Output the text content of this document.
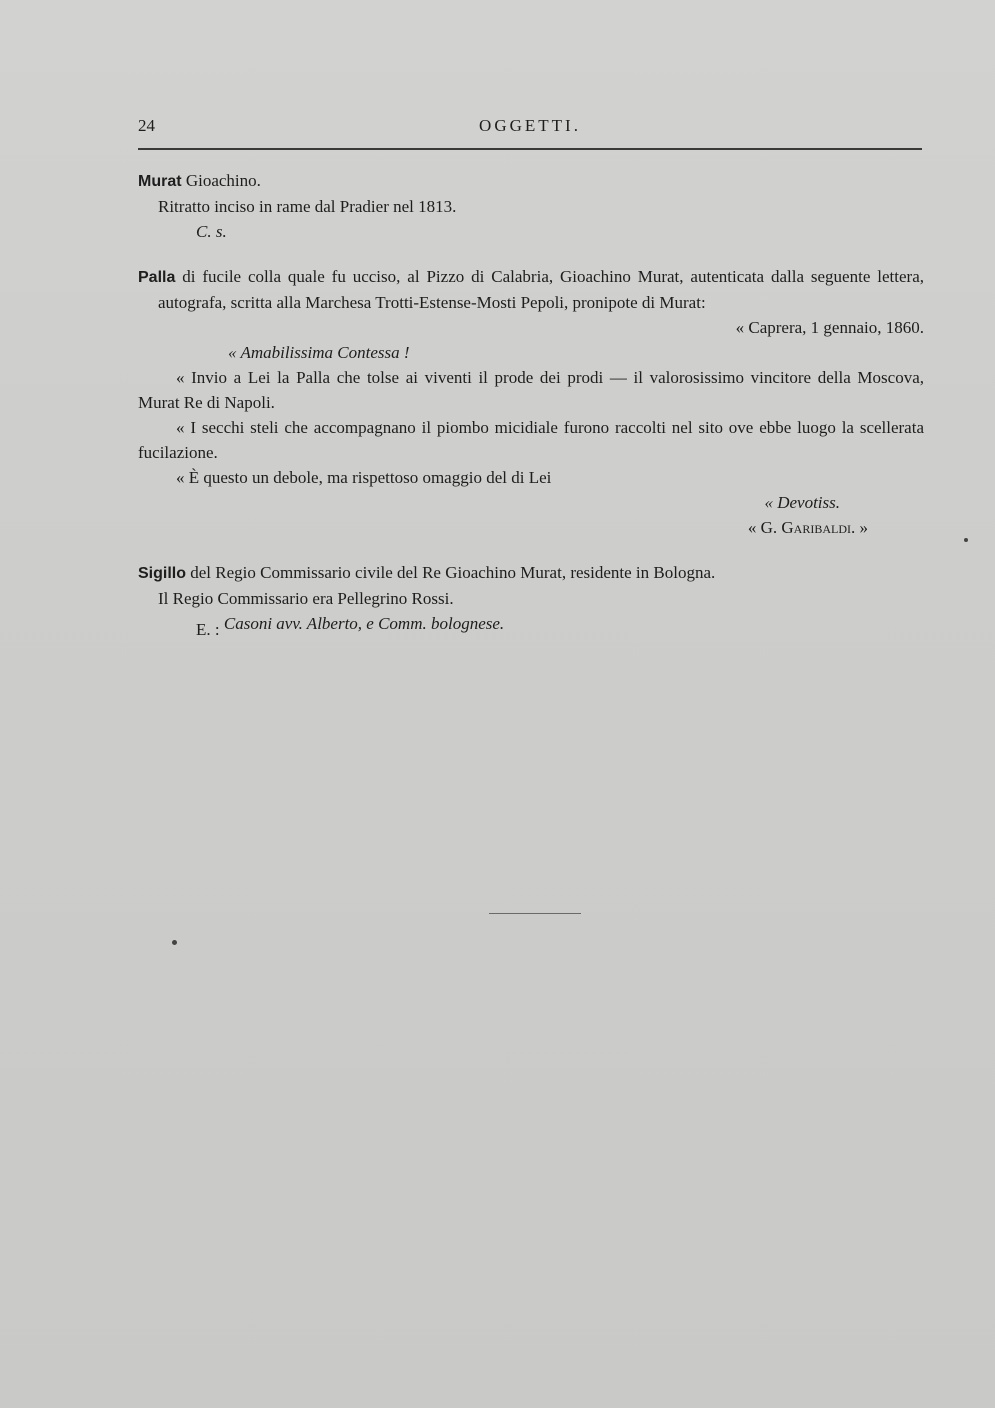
24	OGGETTI.

Murat Gioachino.

Ritratto inciso in rame dal Pradier nel 1813.

C. s.

Palla di fucile colla quale fu ucciso, al Pizzo di Calabria, Gioachino Murat, autenticata dalla seguente lettera, autografa, scritta alla Marchesa Trotti-Estense-Mosti Pepoli, pronipote di Murat:

« Caprera, 1 gennaio, 1860.

« Amabilissima Contessa !

« Invio a Lei la Palla che tolse ai viventi il prode dei prodi — il valorosissimo vincitore della Moscova, Murat Re di Napoli.

« I secchi steli che accompagnano il piombo micidiale furono raccolti nel sito ove ebbe luogo la scellerata fucilazione.

« È questo un debole, ma rispettoso omaggio del di Lei

« Devotiss.

« G. Garibaldi. »

Sigillo del Regio Commissario civile del Re Gioachino Murat, residente in Bologna.

Il Regio Commissario era Pellegrino Rossi.

E. : Casoni avv. Alberto, e Comm. bolognese.
